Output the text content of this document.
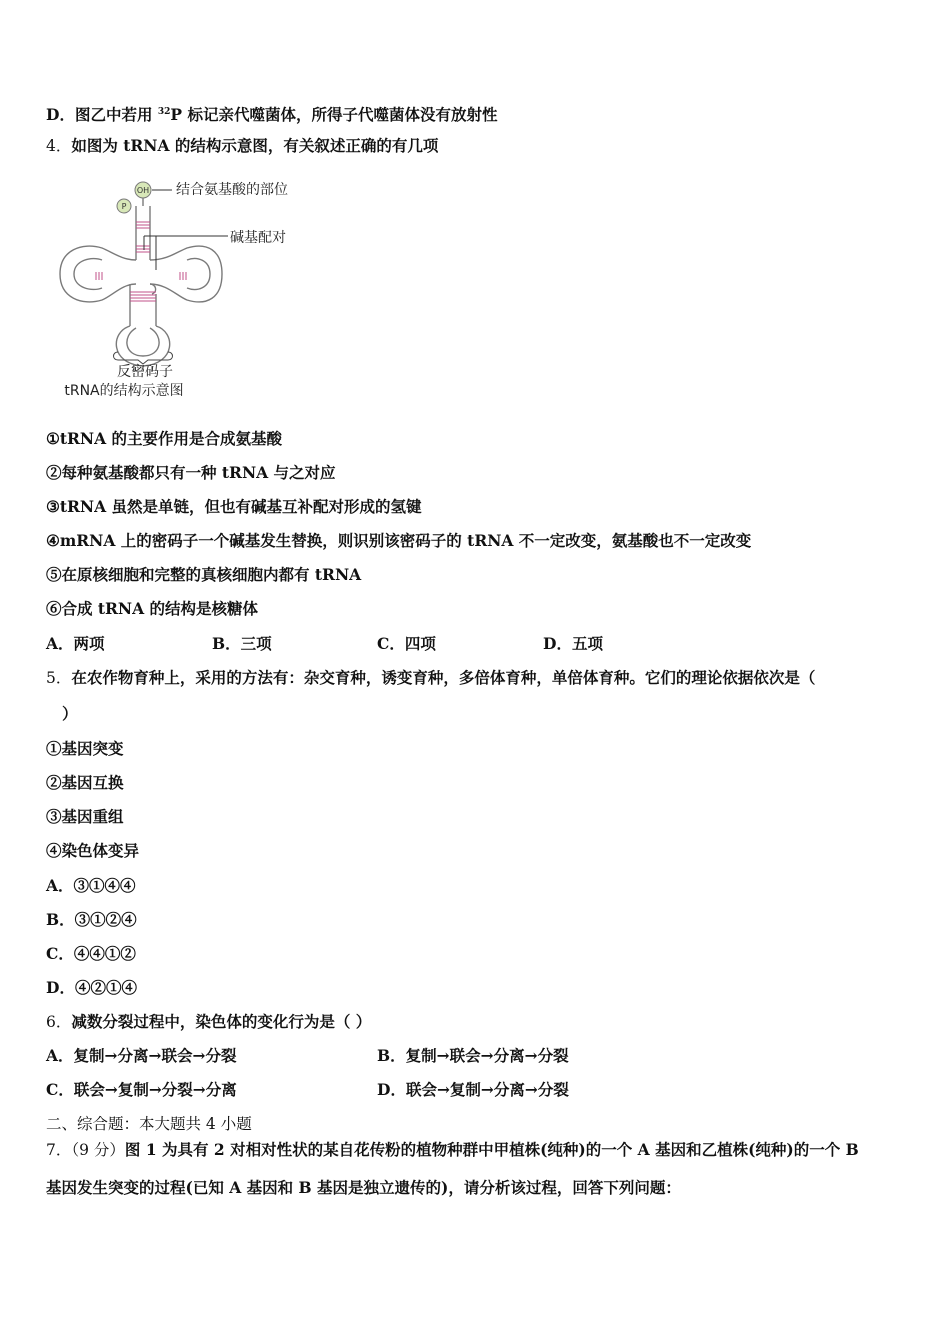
D．图乙中若用 $^{32}$P 标记亲代噬菌体，所得子代噬菌体没有放射性
4．如图为 tRNA 的结构示意图，有关叙述正确的有几项
OH
P
结合氨基酸的部位
碱基配对
反密码子
tRNA的结构示意图
①tRNA 的主要作用是合成氨基酸
②每种氨基酸都只有一种 tRNA 与之对应
③tRNA 虽然是单链，但也有碱基互补配对形成的氢键
④mRNA 上的密码子一个碱基发生替换，则识别该密码子的 tRNA 不一定改变，氨基酸也不一定改变
⑤在原核细胞和完整的真核细胞内都有 tRNA
⑥合成 tRNA 的结构是核糖体
A．两项	B．三项	C．四项	D．五项
5．在农作物育种上，采用的方法有：杂交育种，诱变育种，多倍体育种，单倍体育种。它们的理论依据依次是（
）
①基因突变
②基因互换
③基因重组
④染色体变异
A．③①④④
B．③①②④
C．④④①②
D．④②①④
6．减数分裂过程中，染色体的变化行为是（ ）
A．复制→分离→联会→分裂	B．复制→联会→分离→分裂
C．联会→复制→分裂→分离	D．联会→复制→分离→分裂
二、综合题：本大题共 4 小题
7．（9 分）图 1 为具有 2 对相对性状的某自花传粉的植物种群中甲植株(纯种)的一个 A 基因和乙植株(纯种)的一个 B
基因发生突变的过程(已知 A 基因和 B 基因是独立遗传的)，请分析该过程，回答下列问题：
